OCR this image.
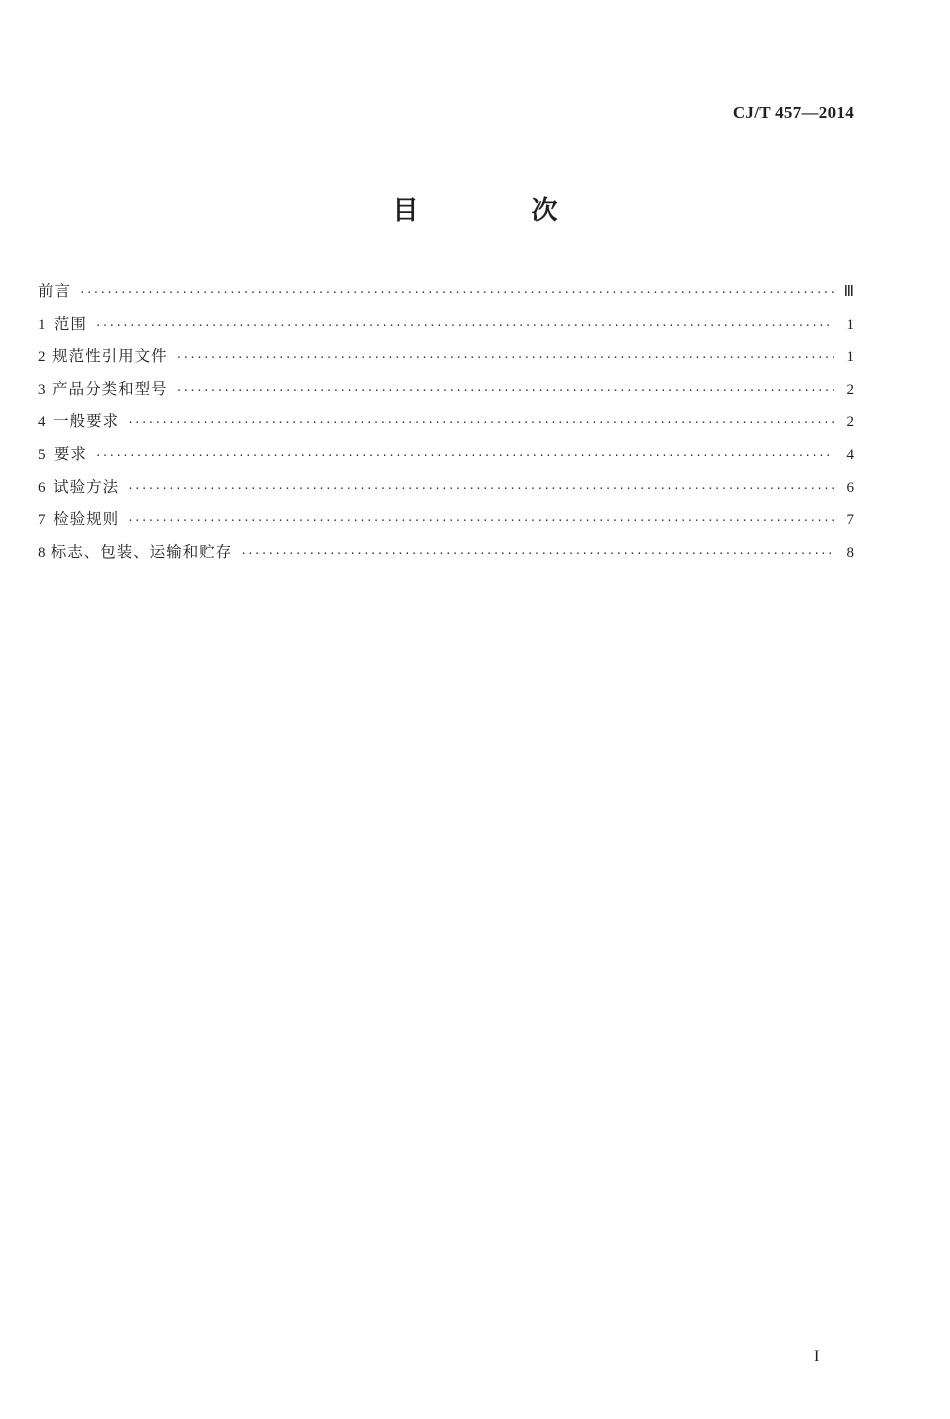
CJ/T 457—2014
目 次
前言 ·····	Ⅲ
1 范围 ·····	1
2 规范性引用文件 ·····	1
3 产品分类和型号 ·····	2
4 一般要求 ·····	2
5 要求 ·····	4
6 试验方法 ·····	6
7 检验规则 ·····	7
8 标志、包装、运输和贮存 ·····	8
I
